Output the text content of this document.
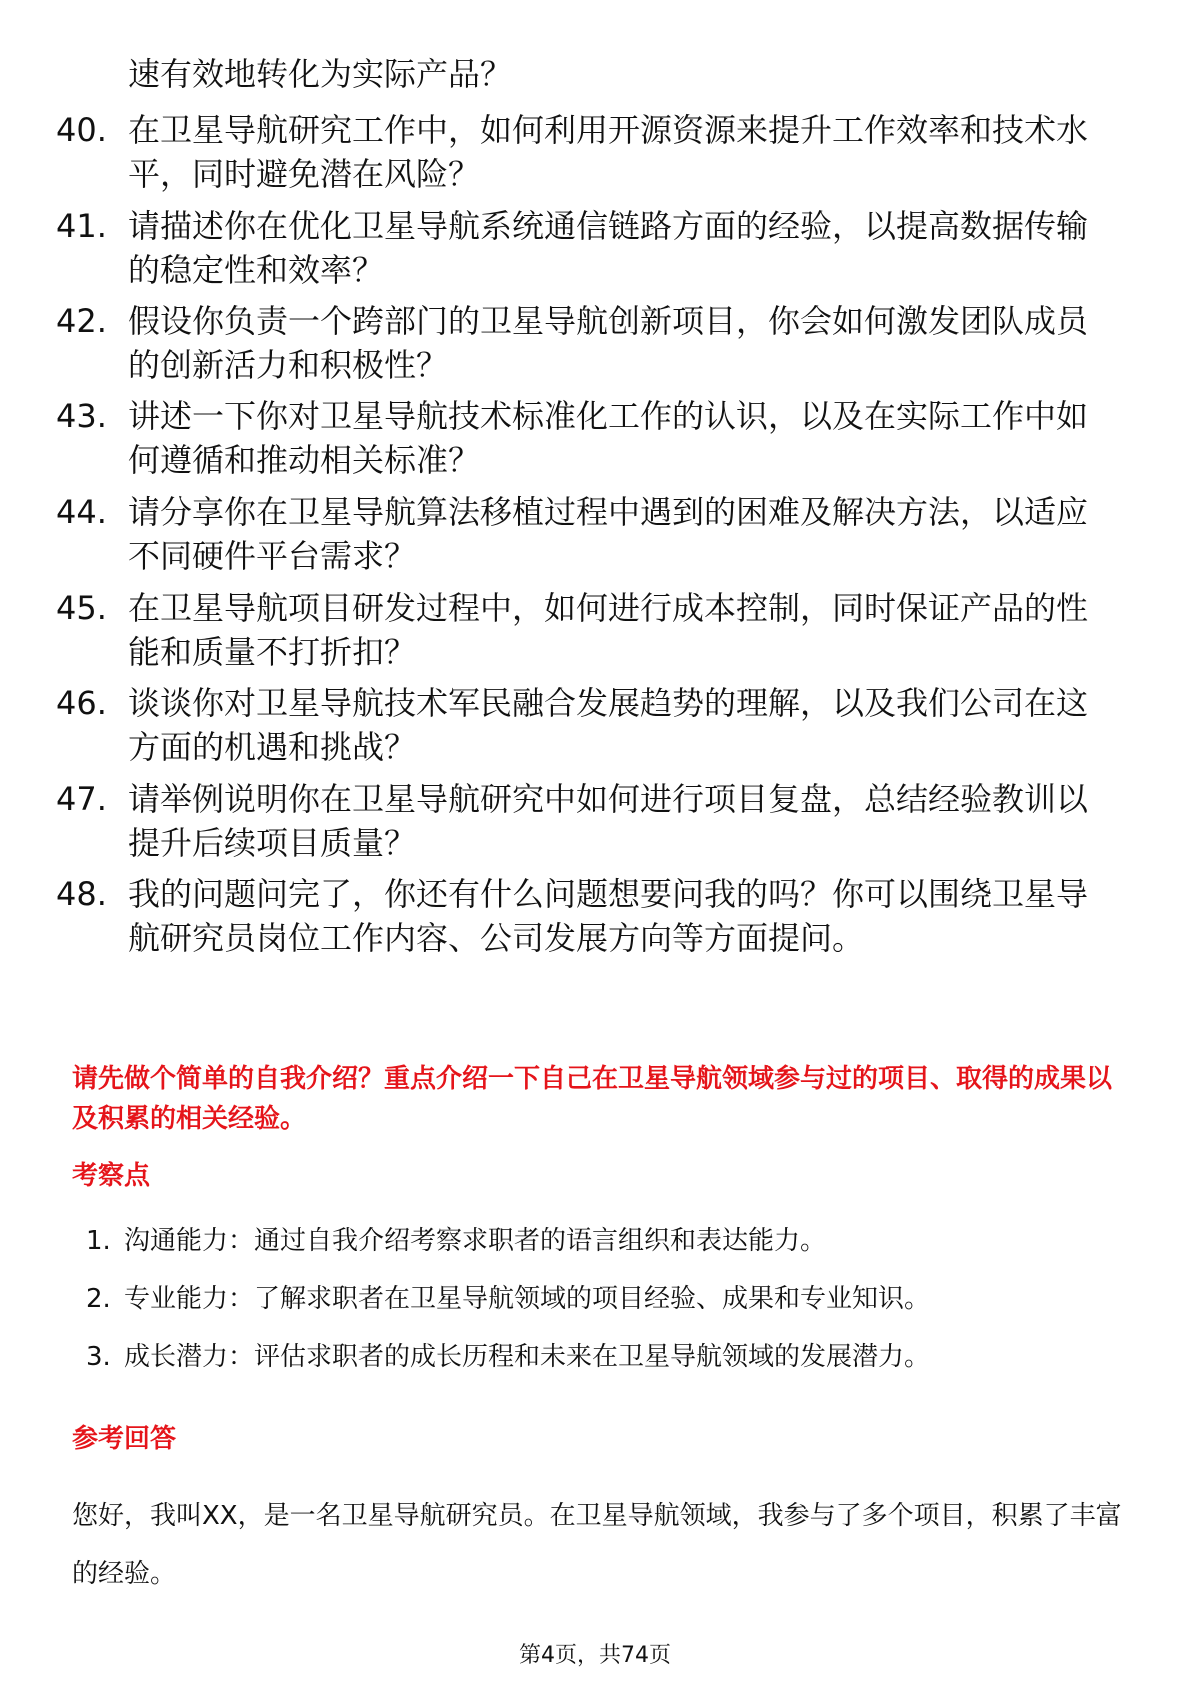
速有效地转化为实际产品？
40. 在卫星导航研究工作中，如何利用开源资源来提升工作效率和技术水平，同时避免潜在风险？
41. 请描述你在优化卫星导航系统通信链路方面的经验，以提高数据传输的稳定性和效率？
42. 假设你负责一个跨部门的卫星导航创新项目，你会如何激发团队成员的创新活力和积极性？
43. 讲述一下你对卫星导航技术标准化工作的认识，以及在实际工作中如何遵循和推动相关标准？
44. 请分享你在卫星导航算法移植过程中遇到的困难及解决方法，以适应不同硬件平台需求？
45. 在卫星导航项目研发过程中，如何进行成本控制，同时保证产品的性能和质量不打折扣？
46. 谈谈你对卫星导航技术军民融合发展趋势的理解，以及我们公司在这方面的机遇和挑战？
47. 请举例说明你在卫星导航研究中如何进行项目复盘，总结经验教训以提升后续项目质量？
48. 我的问题问完了，你还有什么问题想要问我的吗？你可以围绕卫星导航研究员岗位工作内容、公司发展方向等方面提问。
请先做个简单的自我介绍？重点介绍一下自己在卫星导航领域参与过的项目、取得的成果以及积累的相关经验。
考察点
1. 沟通能力：通过自我介绍考察求职者的语言组织和表达能力。
2. 专业能力：了解求职者在卫星导航领域的项目经验、成果和专业知识。
3. 成长潜力：评估求职者的成长历程和未来在卫星导航领域的发展潜力。
参考回答
您好，我叫XX，是一名卫星导航研究员。在卫星导航领域，我参与了多个项目，积累了丰富的经验。
第4页，共74页
